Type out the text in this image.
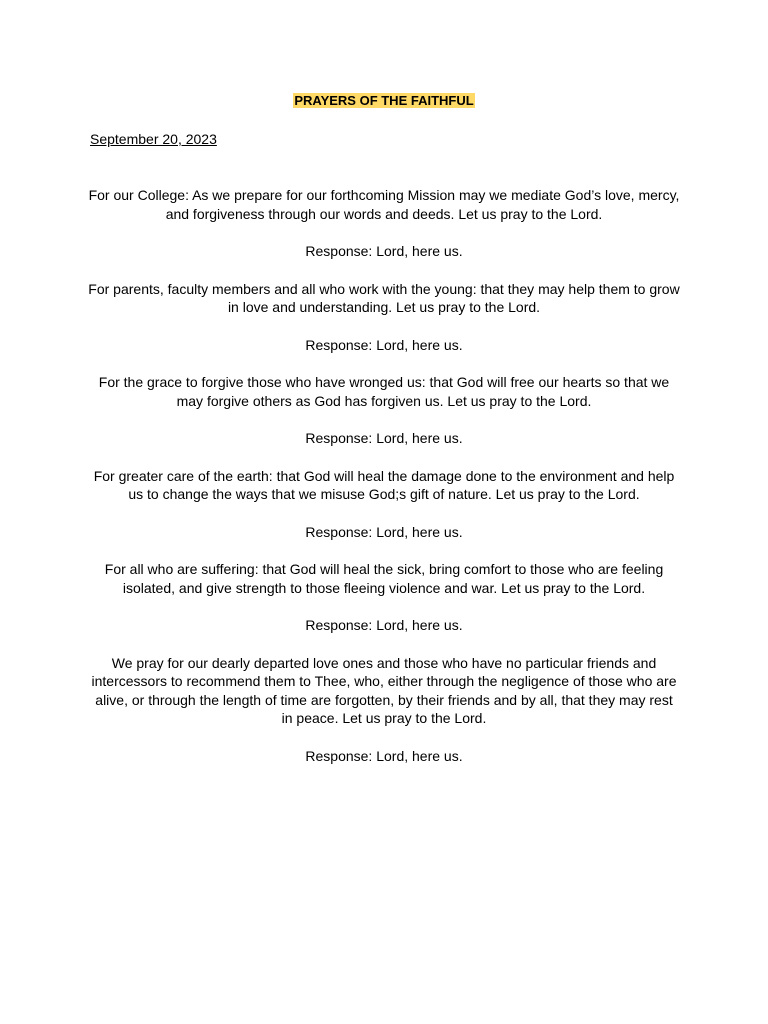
PRAYERS OF THE FAITHFUL
September 20, 2023

For our College: As we prepare for our forthcoming Mission may we mediate God’s love, mercy, and forgiveness through our words and deeds. Let us pray to the Lord.

Response: Lord, here us.

For parents, faculty members and all who work with the young: that they may help them to grow in love and understanding. Let us pray to the Lord.

Response: Lord, here us.

For the grace to forgive those who have wronged us: that God will free our hearts so that we may forgive others as God has forgiven us. Let us pray to the Lord.

Response: Lord, here us.

For greater care of the earth: that God will heal the damage done to the environment and help us to change the ways that we misuse God;s gift of nature. Let us pray to the Lord.

Response: Lord, here us.

For all who are suffering: that God will heal the sick, bring comfort to those who are feeling isolated, and give strength to those fleeing violence and war. Let us pray to the Lord.

Response: Lord, here us.

We pray for our dearly departed love ones and those who have no particular friends and intercessors to recommend them to Thee, who, either through the negligence of those who are alive, or through the length of time are forgotten, by their friends and by all, that they may rest in peace. Let us pray to the Lord.

Response: Lord, here us.
